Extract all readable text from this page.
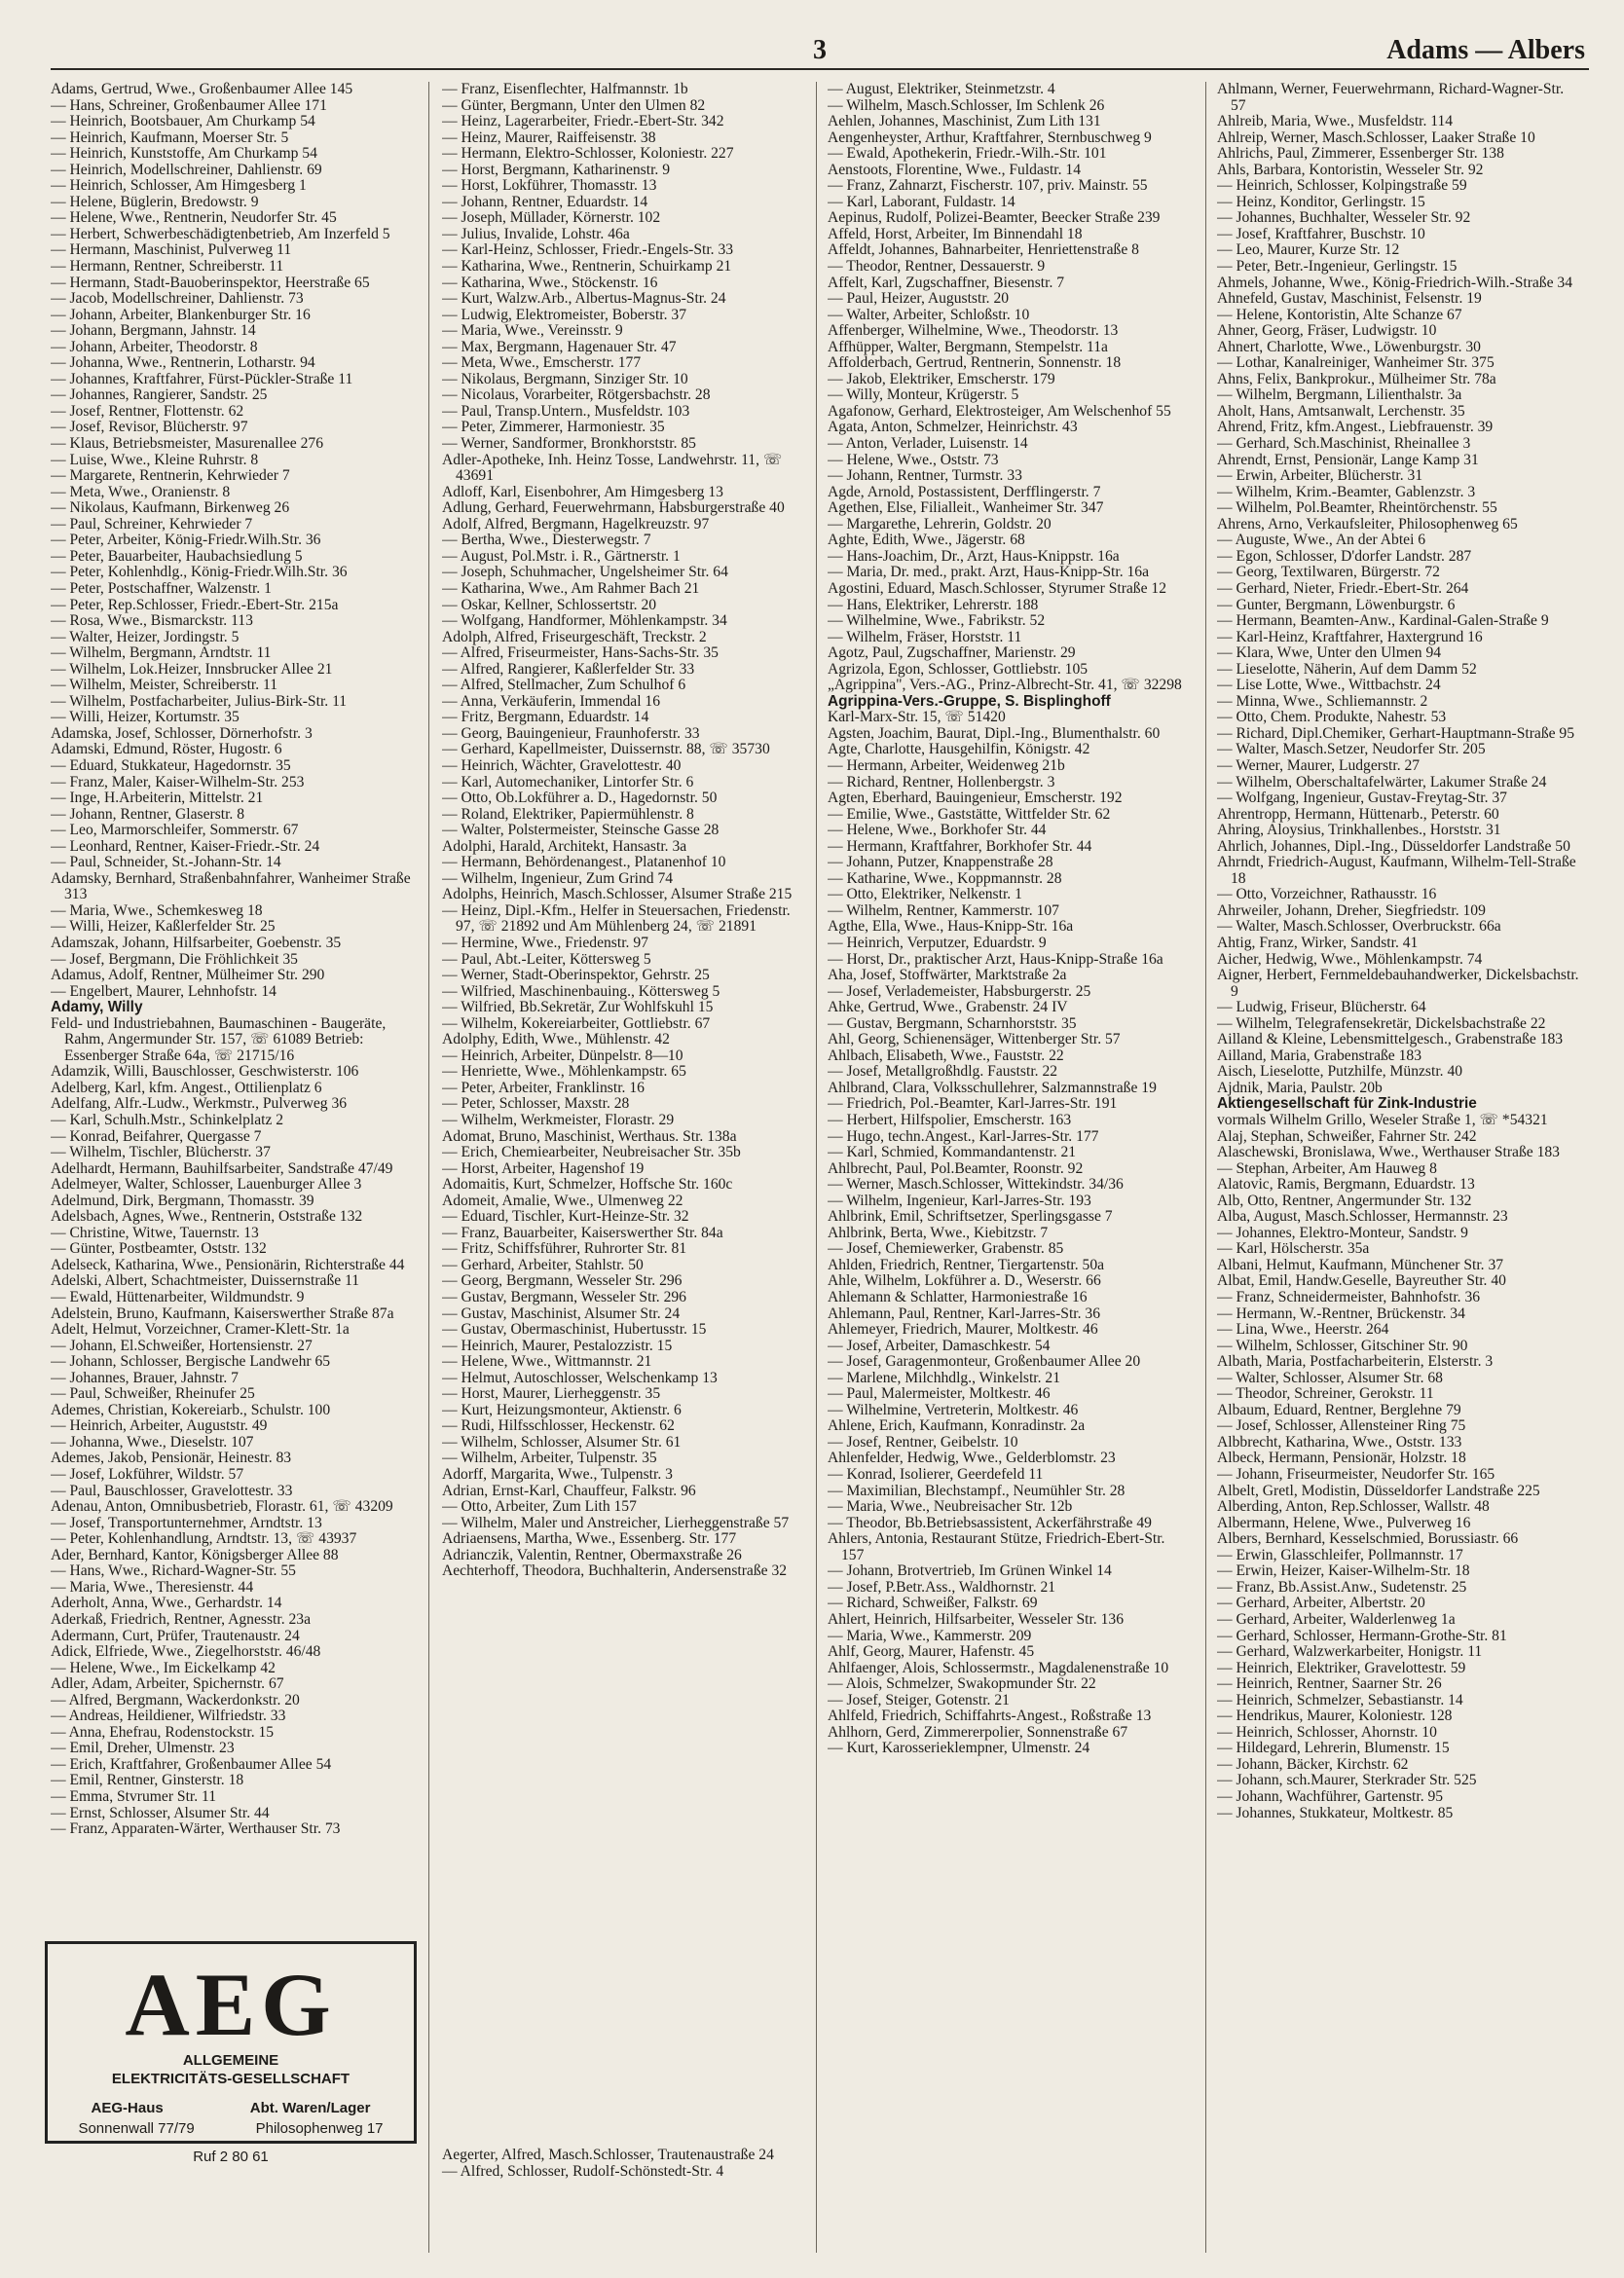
3	Adams — Albers
Adams, Gertrud, Wwe., Großenbaumer Allee 145
— Hans, Schreiner, Großenbaumer Allee 171
— Heinrich, Bootsbauer, Am Churkamp 54
— Heinrich, Kaufmann, Moerser Str. 5
— Heinrich, Kunststoffe, Am Churkamp 54
— Heinrich, Modellschreiner, Dahlienstr. 69
— Heinrich, Schlosser, Am Himgesberg 1
— Helene, Büglerin, Bredowstr. 9
— Helene, Wwe., Rentnerin, Neudorfer Str. 45
— Herbert, Schwerbeschädigtenbetrieb, Am Inzerfeld 5
— Hermann, Maschinist, Pulverweg 11
— Hermann, Rentner, Schreiberstr. 11
— Hermann, Stadt-Bauoberinspektor, Heerstraße 65
— Jacob, Modellschreiner, Dahlienstr. 73
— Johann, Arbeiter, Blankenburger Str. 16
— Johann, Bergmann, Jahnstr. 14
— Johann, Arbeiter, Theodorstr. 8
— Johanna, Wwe., Rentnerin, Lotharstr. 94
— Johannes, Kraftfahrer, Fürst-Pückler-Straße 11
— Johannes, Rangierer, Sandstr. 25
— Josef, Rentner, Flottenstr. 62
— Josef, Revisor, Blücherstr. 97
— Klaus, Betriebsmeister, Masurenallee 276
— Luise, Wwe., Kleine Ruhrstr. 8
— Margarete, Rentnerin, Kehrwieder 7
— Meta, Wwe., Oranienstr. 8
— Nikolaus, Kaufmann, Birkenweg 26
— Paul, Schreiner, Kehrwieder 7
— Peter, Arbeiter, König-Friedr.Wilh.Str. 36
— Peter, Bauarbeiter, Haubachsiedlung 5
— Peter, Kohlenhdlg., König-Friedr.Wilh.Str. 36
— Peter, Postschaffner, Walzenstr. 1
— Peter, Rep.Schlosser, Friedr.-Ebert-Str. 215a
— Rosa, Wwe., Bismarckstr. 113
— Walter, Heizer, Jordingstr. 5
— Wilhelm, Bergmann, Arndtstr. 11
— Wilhelm, Lok.Heizer, Innsbrucker Allee 21
— Wilhelm, Meister, Schreiberstr. 11
— Wilhelm, Postfacharbeiter, Julius-Birk-Str. 11
— Willi, Heizer, Kortumstr. 35
Adamska, Josef, Schlosser, Dörnerhofstr. 3
Adamski, Edmund, Röster, Hugostr. 6
— Eduard, Stukkateur, Hagedornstr. 35
— Franz, Maler, Kaiser-Wilhelm-Str. 253
— Inge, H.Arbeiterin, Mittelstr. 21
— Johann, Rentner, Glaserstr. 8
— Leo, Marmorschleifer, Sommerstr. 67
— Leonhard, Rentner, Kaiser-Friedr.-Str. 24
— Paul, Schneider, St.-Johann-Str. 14
Adamsky, Bernhard, Straßenbahnfahrer, Wanheimer Straße 313
— Maria, Wwe., Schemkesweg 18
— Willi, Heizer, Kaßlerfelder Str. 25
Adamszak, Johann, Hilfsarbeiter, Goebenstr. 35
— Josef, Bergmann, Die Fröhlichkeit 35
Adamus, Adolf, Rentner, Mülheimer Str. 290
— Engelbert, Maurer, Lehnhofstr. 14
Adamy, Willy
Feld- und Industriebahnen, Baumaschinen - Baugeräte, Rahm, Angermunder Str. 157, ☏ 61089 Betrieb: Essenberger Straße 64a, ☏ 21715/16
Adamzik, Willi, Bauschlosser, Geschwisterstr. 106
Adelberg, Karl, kfm. Angest., Ottilienplatz 6
Adelfang, Alfr.-Ludw., Werkmstr., Pulverweg 36
— Karl, Schulh.Mstr., Schinkelplatz 2
— Konrad, Beifahrer, Quergasse 7
— Wilhelm, Tischler, Blücherstr. 37
Adelhardt, Hermann, Bauhilfsarbeiter, Sandstraße 47/49
Adelmeyer, Walter, Schlosser, Lauenburger Allee 3
Adelmund, Dirk, Bergmann, Thomasstr. 39
Adelsbach, Agnes, Wwe., Rentnerin, Oststraße 132
— Christine, Witwe, Tauernstr. 13
— Günter, Postbeamter, Oststr. 132
Adelseck, Katharina, Wwe., Pensionärin, Richterstraße 44
Adelski, Albert, Schachtmeister, Duissernstraße 11
— Ewald, Hüttenarbeiter, Wildmundstr. 9
Adelstein, Bruno, Kaufmann, Kaiserswerther Straße 87a
Adelt, Helmut, Vorzeichner, Cramer-Klett-Str. 1a
— Johann, El.Schweißer, Hortensienstr. 27
— Johann, Schlosser, Bergische Landwehr 65
— Johannes, Brauer, Jahnstr. 7
— Paul, Schweißer, Rheinufer 25
Ademes, Christian, Kokereiarb., Schulstr. 100
— Heinrich, Arbeiter, Auguststr. 49
— Johanna, Wwe., Dieselstr. 107
Ademes, Jakob, Pensionär, Heinestr. 83
— Josef, Lokführer, Wildstr. 57
— Paul, Bauschlosser, Gravelottestr. 33
Adenau, Anton, Omnibusbetrieb, Florastr. 61, ☏ 43209
— Josef, Transportunternehmer, Arndtstr. 13
— Peter, Kohlenhandlung, Arndtstr. 13, ☏ 43937
Ader, Bernhard, Kantor, Königsberger Allee 88
— Hans, Wwe., Richard-Wagner-Str. 55
— Maria, Wwe., Theresienstr. 44
Aderholt, Anna, Wwe., Gerhardstr. 14
Aderkaß, Friedrich, Rentner, Agnesstr. 23a
Adermann, Curt, Prüfer, Trautenaustr. 24
Adick, Elfriede, Wwe., Ziegelhorststr. 46/48
— Helene, Wwe., Im Eickelkamp 42
Adler, Adam, Arbeiter, Spichernstr. 67
— Alfred, Bergmann, Wackerdonkstr. 20
— Andreas, Heildiener, Wilfriedstr. 33
— Anna, Ehefrau, Rodenstockstr. 15
— Emil, Dreher, Ulmenstr. 23
— Erich, Kraftfahrer, Großenbaumer Allee 54
— Emil, Rentner, Ginsterstr. 18
— Emma, Stvrumer Str. 11
— Ernst, Schlosser, Alsumer Str. 44
— Franz, Apparaten-Wärter, Werthauser Str. 73
— Franz, Eisenflechter, Halfmannstr. 1b
— Günter, Bergmann, Unter den Ulmen 82
— Heinz, Lagerarbeiter, Friedr.-Ebert-Str. 342
— Heinz, Maurer, Raiffeisenstr. 38
— Hermann, Elektro-Schlosser, Koloniestr. 227
— Horst, Bergmann, Katharinenstr. 9
— Horst, Lokführer, Thomasstr. 13
— Johann, Rentner, Eduardstr. 14
— Joseph, Müllader, Körnerstr. 102
— Julius, Invalide, Lohstr. 46a
— Karl-Heinz, Schlosser, Friedr.-Engels-Str. 33
— Katharina, Wwe., Rentnerin, Schuirkamp 21
— Katharina, Wwe., Stöckenstr. 16
— Kurt, Walzw.Arb., Albertus-Magnus-Str. 24
— Ludwig, Elektromeister, Boberstr. 37
— Maria, Wwe., Vereinsstr. 9
— Max, Bergmann, Hagenauer Str. 47
— Meta, Wwe., Emscherstr. 177
— Nikolaus, Bergmann, Sinziger Str. 10
— Nicolaus, Vorarbeiter, Rötgersbachstr. 28
— Paul, Transp.Untern., Musfeldstr. 103
— Peter, Zimmerer, Harmoniestr. 35
— Werner, Sandformer, Bronkhorststr. 85
Adler-Apotheke, Inh. Heinz Tosse, Landwehrstr. 11, ☏ 43691
Adloff, Karl, Eisenbohrer, Am Himgesberg 13
Adlung, Gerhard, Feuerwehrmann, Habsburgerstraße 40
Adolf, Alfred, Bergmann, Hagelkreuzstr. 97
— Bertha, Wwe., Diesterwegstr. 7
— August, Pol.Mstr. i. R., Gärtnerstr. 1
— Joseph, Schuhmacher, Ungelsheimer Str. 64
— Katharina, Wwe., Am Rahmer Bach 21
— Oskar, Kellner, Schlossertstr. 20
— Wolfgang, Handformer, Möhlenkampstr. 34
Adolph, Alfred, Friseurgeschäft, Treckstr. 2
— Alfred, Friseurmeister, Hans-Sachs-Str. 35
— Alfred, Rangierer, Kaßlerfelder Str. 33
— Alfred, Stellmacher, Zum Schulhof 6
— Anna, Verkäuferin, Immendal 16
— Fritz, Bergmann, Eduardstr. 14
— Georg, Bauingenieur, Fraunhoferstr. 33
— Gerhard, Kapellmeister, Duissernstr. 88, ☏ 35730
— Heinrich, Wächter, Gravelottestr. 40
— Karl, Automechaniker, Lintorfer Str. 6
— Otto, Ob.Lokführer a. D., Hagedornstr. 50
— Roland, Elektriker, Papiermühlenstr. 8
— Walter, Polstermeister, Steinsche Gasse 28
Adolphi, Harald, Architekt, Hansastr. 3a
— Hermann, Behördenangest., Platanenhof 10
— Wilhelm, Ingenieur, Zum Grind 74
Adolphs, Heinrich, Masch.Schlosser, Alsumer Straße 215
— Heinz, Dipl.-Kfm., Helfer in Steuersachen, Friedenstr. 97, ☏ 21892 und Am Mühlenberg 24, ☏ 21891
— Hermine, Wwe., Friedenstr. 97
— Paul, Abt.-Leiter, Köttersweg 5
— Werner, Stadt-Oberinspektor, Gehrstr. 25
— Wilfried, Maschinenbauing., Köttersweg 5
— Wilfried, Bb.Sekretär, Zur Wohlfskuhl 15
— Wilhelm, Kokereiarbeiter, Gottliebstr. 67
Adolphy, Edith, Wwe., Mühlenstr. 42
— Heinrich, Arbeiter, Dünpelstr. 8—10
— Henriette, Wwe., Möhlenkampstr. 65
— Peter, Arbeiter, Franklinstr. 16
— Peter, Schlosser, Maxstr. 28
— Wilhelm, Werkmeister, Florastr. 29
Adomat, Bruno, Maschinist, Werthaus. Str. 138a
— Erich, Chemiearbeiter, Neubreisacher Str. 35b
— Horst, Arbeiter, Hagenshof 19
Adomaitis, Kurt, Schmelzer, Hoffsche Str. 160c
Adomeit, Amalie, Wwe., Ulmenweg 22
— Eduard, Tischler, Kurt-Heinze-Str. 32
— Franz, Bauarbeiter, Kaiserswerther Str. 84a
— Fritz, Schiffsführer, Ruhrorter Str. 81
— Gerhard, Arbeiter, Stahlstr. 50
— Georg, Bergmann, Wesseler Str. 296
— Gustav, Bergmann, Wesseler Str. 296
— Gustav, Maschinist, Alsumer Str. 24
— Gustav, Obermaschinist, Hubertusstr. 15
— Heinrich, Maurer, Pestalozzistr. 15
— Helene, Wwe., Wittmannstr. 21
— Helmut, Autoschlosser, Welschenkamp 13
— Horst, Maurer, Lierheggenstr. 35
— Kurt, Heizungsmonteur, Aktienstr. 6
— Rudi, Hilfsschlosser, Heckenstr. 62
— Wilhelm, Schlosser, Alsumer Str. 61
— Wilhelm, Arbeiter, Tulpenstr. 35
Adorff, Margarita, Wwe., Tulpenstr. 3
Adrian, Ernst-Karl, Chauffeur, Falkstr. 96
— Otto, Arbeiter, Zum Lith 157
— Wilhelm, Maler und Anstreicher, Lierheggenstraße 57
Adriaensens, Martha, Wwe., Essenberg. Str. 177
Adrianczik, Valentin, Rentner, Obermaxstraße 26
Aechterhoff, Theodora, Buchhalterin, Andersenstraße 32
— August, Elektriker, Steinmetzstr. 4
— Wilhelm, Masch.Schlosser, Im Schlenk 26
Aehlen, Johannes, Maschinist, Zum Lith 131
Aengenheyster, Arthur, Kraftfahrer, Sternbuschweg 9
— Ewald, Apothekerin, Friedr.-Wilh.-Str. 101
Aenstoots, Florentine, Wwe., Fuldastr. 14
— Franz, Zahnarzt, Fischerstr. 107, priv. Mainstr. 55
— Karl, Laborant, Fuldastr. 14
Aepinus, Rudolf, Polizei-Beamter, Beecker Straße 239
Affeld, Horst, Arbeiter, Im Binnendahl 18
Affeldt, Johannes, Bahnarbeiter, Henriettenstraße 8
— Theodor, Rentner, Dessauerstr. 9
Affelt, Karl, Zugschaffner, Biesenstr. 7
— Paul, Heizer, Auguststr. 20
— Walter, Arbeiter, Schloßstr. 10
Affenberger, Wilhelmine, Wwe., Theodorstr. 13
Affhüpper, Walter, Bergmann, Stempelstr. 11a
Affolderbach, Gertrud, Rentnerin, Sonnenstr. 18
— Jakob, Elektriker, Emscherstr. 179
— Willy, Monteur, Krügerstr. 5
Agafonow, Gerhard, Elektrosteiger, Am Welschenhof 55
Agata, Anton, Schmelzer, Heinrichstr. 43
— Anton, Verlader, Luisenstr. 14
— Helene, Wwe., Oststr. 73
— Johann, Rentner, Turmstr. 33
Agde, Arnold, Postassistent, Derfflingerstr. 7
Agethen, Else, Filialleit., Wanheimer Str. 347
— Margarethe, Lehrerin, Goldstr. 20
Aghte, Edith, Wwe., Jägerstr. 68
— Hans-Joachim, Dr., Arzt, Haus-Knippstr. 16a
— Maria, Dr. med., prakt. Arzt, Haus-Knipp-Str. 16a
Agostini, Eduard, Masch.Schlosser, Styrumer Straße 12
— Hans, Elektriker, Lehrerstr. 188
— Wilhelmine, Wwe., Fabrikstr. 52
— Wilhelm, Fräser, Horststr. 11
Agotz, Paul, Zugschaffner, Marienstr. 29
Agrizola, Egon, Schlosser, Gottliebstr. 105
„Agrippina", Vers.-AG., Prinz-Albrecht-Str. 41, ☏ 32298
Agrippina-Vers.-Gruppe, S. Bisplinghoff
Karl-Marx-Str. 15, ☏ 51420
Agsten, Joachim, Baurat, Dipl.-Ing., Blumenthalstr. 60
Agte, Charlotte, Hausgehilfin, Königstr. 42
— Hermann, Arbeiter, Weidenweg 21b
— Richard, Rentner, Hollenbergstr. 3
Agten, Eberhard, Bauingenieur, Emscherstr. 192
— Emilie, Wwe., Gaststätte, Wittfelder Str. 62
— Helene, Wwe., Borkhofer Str. 44
— Hermann, Kraftfahrer, Borkhofer Str. 44
— Johann, Putzer, Knappenstraße 28
— Katharine, Wwe., Koppmannstr. 28
— Otto, Elektriker, Nelkenstr. 1
— Wilhelm, Rentner, Kammerstr. 107
Agthe, Ella, Wwe., Haus-Knipp-Str. 16a
— Heinrich, Verputzer, Eduardstr. 9
— Horst, Dr., praktischer Arzt, Haus-Knipp-Straße 16a
Aha, Josef, Stoffwärter, Marktstraße 2a
— Josef, Verlademeister, Habsburgerstr. 25
Ahke, Gertrud, Wwe., Grabenstr. 24 IV
— Gustav, Bergmann, Scharnhorststr. 35
Ahl, Georg, Schienensäger, Wittenberger Str. 57
Ahlbach, Elisabeth, Wwe., Fauststr. 22
— Josef, Metallgroßhdlg. Fauststr. 22
Ahlbrand, Clara, Volksschullehrer, Salzmannstraße 19
— Friedrich, Pol.-Beamter, Karl-Jarres-Str. 191
— Herbert, Hilfspolier, Emscherstr. 163
— Hugo, techn.Angest., Karl-Jarres-Str. 177
— Karl, Schmied, Kommandantenstr. 21
Ahlbrecht, Paul, Pol.Beamter, Roonstr. 92
— Werner, Masch.Schlosser, Wittekindstr. 34/36
— Wilhelm, Ingenieur, Karl-Jarres-Str. 193
Ahlbrink, Emil, Schriftsetzer, Sperlingsgasse 7
Ahlbrink, Berta, Wwe., Kiebitzstr. 7
— Josef, Chemiewerker, Grabenstr. 85
Ahlden, Friedrich, Rentner, Tiergartenstr. 50a
Ahle, Wilhelm, Lokführer a. D., Weserstr. 66
Ahlemann & Schlatter, Harmoniestraße 16
Ahlemann, Paul, Rentner, Karl-Jarres-Str. 36
Ahlemeyer, Friedrich, Maurer, Moltkestr. 46
— Josef, Arbeiter, Damaschkestr. 54
— Josef, Garagenmonteur, Großenbaumer Allee 20
— Marlene, Milchhdlg., Winkelstr. 21
— Paul, Malermeister, Moltkestr. 46
— Wilhelmine, Vertreterin, Moltkestr. 46
Ahlene, Erich, Kaufmann, Konradinstr. 2a
— Josef, Rentner, Geibelstr. 10
Ahlenfelder, Hedwig, Wwe., Gelderblomstr. 23
— Konrad, Isolierer, Geerdefeld 11
— Maximilian, Blechstampf., Neumühler Str. 28
— Maria, Wwe., Neubreisacher Str. 12b
— Theodor, Bb.Betriebsassistent, Ackerfährstraße 49
Ahlers, Antonia, Restaurant Stütze, Friedrich-Ebert-Str. 157
— Johann, Brotvertrieb, Im Grünen Winkel 14
— Josef, P.Betr.Ass., Waldhornstr. 21
— Richard, Schweißer, Falkstr. 69
Ahlert, Heinrich, Hilfsarbeiter, Wesseler Str. 136
— Maria, Wwe., Kammerstr. 209
Ahlf, Georg, Maurer, Hafenstr. 45
Ahlfaenger, Alois, Schlossermstr., Magdalenenstraße 10
— Alois, Schmelzer, Swakopmunder Str. 22
— Josef, Steiger, Gotenstr. 21
Ahlfeld, Friedrich, Schiffahrts-Angest., Roßstraße 13
Ahlhorn, Gerd, Zimmererpolier, Sonnenstraße 67
— Kurt, Karosserieklempner, Ulmenstr. 24
Ahlmann, Werner, Feuerwehrmann, Richard-Wagner-Str. 57
Ahlreib, Maria, Wwe., Musfeldstr. 114
Ahlreip, Werner, Masch.Schlosser, Laaker Straße 10
Ahlrichs, Paul, Zimmerer, Essenberger Str. 138
Ahls, Barbara, Kontoristin, Wesseler Str. 92
— Heinrich, Schlosser, Kolpingstraße 59
— Heinz, Konditor, Gerlingstr. 15
— Johannes, Buchhalter, Wesseler Str. 92
— Josef, Kraftfahrer, Buschstr. 10
— Leo, Maurer, Kurze Str. 12
— Peter, Betr.-Ingenieur, Gerlingstr. 15
Ahmels, Johanne, Wwe., König-Friedrich-Wilh.-Straße 34
Ahnefeld, Gustav, Maschinist, Felsenstr. 19
— Helene, Kontoristin, Alte Schanze 67
Ahner, Georg, Fräser, Ludwigstr. 10
Ahnert, Charlotte, Wwe., Löwenburgstr. 30
— Lothar, Kanalreiniger, Wanheimer Str. 375
Ahns, Felix, Bankprokur., Mülheimer Str. 78a
— Wilhelm, Bergmann, Lilienthalstr. 3a
Aholt, Hans, Amtsanwalt, Lerchenstr. 35
Ahrend, Fritz, kfm.Angest., Liebfrauenstr. 39
— Gerhard, Sch.Maschinist, Rheinallee 3
Ahrendt, Ernst, Pensionär, Lange Kamp 31
— Erwin, Arbeiter, Blücherstr. 31
— Wilhelm, Krim.-Beamter, Gablenzstr. 3
— Wilhelm, Pol.Beamter, Rheintörchenstr. 55
Ahrens, Arno, Verkaufsleiter, Philosophenweg 65
— Auguste, Wwe., An der Abtei 6
— Egon, Schlosser, D'dorfer Landstr. 287
— Georg, Textilwaren, Bürgerstr. 72
— Gerhard, Nieter, Friedr.-Ebert-Str. 264
— Gunter, Bergmann, Löwenburgstr. 6
— Hermann, Beamten-Anw., Kardinal-Galen-Straße 9
— Karl-Heinz, Kraftfahrer, Haxtergrund 16
— Klara, Wwe, Unter den Ulmen 94
— Lieselotte, Näherin, Auf dem Damm 52
— Lise Lotte, Wwe., Wittbachstr. 24
— Minna, Wwe., Schliemannstr. 2
— Otto, Chem. Produkte, Nahestr. 53
— Richard, Dipl.Chemiker, Gerhart-Hauptmann-Straße 95
— Walter, Masch.Setzer, Neudorfer Str. 205
— Werner, Maurer, Ludgerstr. 27
— Wilhelm, Oberschaltafelwärter, Lakumer Straße 24
— Wolfgang, Ingenieur, Gustav-Freytag-Str. 37
Ahrentropp, Hermann, Hüttenarb., Peterstr. 60
Ahring, Aloysius, Trinkhallenbes., Horststr. 31
Ahrlich, Johannes, Dipl.-Ing., Düsseldorfer Landstraße 50
Ahrndt, Friedrich-August, Kaufmann, Wilhelm-Tell-Straße 18
— Otto, Vorzeichner, Rathausstr. 16
Ahrweiler, Johann, Dreher, Siegfriedstr. 109
— Walter, Masch.Schlosser, Overbruckstr. 66a
Ahtig, Franz, Wirker, Sandstr. 41
Aicher, Hedwig, Wwe., Möhlenkampstr. 74
Aigner, Herbert, Fernmeldebauhandwerker, Dickelsbachstr. 9
— Ludwig, Friseur, Blücherstr. 64
— Wilhelm, Telegrafensekretär, Dickelsbachstraße 22
Ailland & Kleine, Lebensmittelgesch., Grabenstraße 183
Ailland, Maria, Grabenstraße 183
Aisch, Lieselotte, Putzhilfe, Münzstr. 40
Ajdnik, Maria, Paulstr. 20b
Aktiengesellschaft für Zink-Industrie
vormals Wilhelm Grillo, Weseler Straße 1, ☏ *54321
Alaj, Stephan, Schweißer, Fahrner Str. 242
Alaschewski, Bronislawa, Wwe., Werthauser Straße 183
— Stephan, Arbeiter, Am Hauweg 8
Alatovic, Ramis, Bergmann, Eduardstr. 13
Alb, Otto, Rentner, Angermunder Str. 132
Alba, August, Masch.Schlosser, Hermannstr. 23
— Johannes, Elektro-Monteur, Sandstr. 9
— Karl, Hölscherstr. 35a
Albani, Helmut, Kaufmann, Münchener Str. 37
Albat, Emil, Handw.Geselle, Bayreuther Str. 40
— Franz, Schneidermeister, Bahnhofstr. 36
— Hermann, W.-Rentner, Brückenstr. 34
— Lina, Wwe., Heerstr. 264
— Wilhelm, Schlosser, Gitschiner Str. 90
Albath, Maria, Postfacharbeiterin, Elsterstr. 3
— Walter, Schlosser, Alsumer Str. 68
— Theodor, Schreiner, Gerokstr. 11
Albaum, Eduard, Rentner, Berglehne 79
— Josef, Schlosser, Allensteiner Ring 75
Albbrecht, Katharina, Wwe., Oststr. 133
Albeck, Hermann, Pensionär, Holzstr. 18
— Johann, Friseurmeister, Neudorfer Str. 165
Albelt, Gretl, Modistin, Düsseldorfer Landstraße 225
Alberding, Anton, Rep.Schlosser, Wallstr. 48
Albermann, Helene, Wwe., Pulverweg 16
Albers, Bernhard, Kesselschmied, Borussiastr. 66
— Erwin, Glasschleifer, Pollmannstr. 17
— Erwin, Heizer, Kaiser-Wilhelm-Str. 18
— Franz, Bb.Assist.Anw., Sudetenstr. 25
— Gerhard, Arbeiter, Albertstr. 20
— Gerhard, Arbeiter, Walderlenweg 1a
— Gerhard, Schlosser, Hermann-Grothe-Str. 81
— Gerhard, Walzwerkarbeiter, Honigstr. 11
— Heinrich, Elektriker, Gravelottestr. 59
— Heinrich, Rentner, Saarner Str. 26
— Heinrich, Schmelzer, Sebastianstr. 14
— Hendrikus, Maurer, Koloniestr. 128
— Heinrich, Schlosser, Ahornstr. 10
— Hildegard, Lehrerin, Blumenstr. 15
— Johann, Bäcker, Kirchstr. 62
— Johann, sch.Maurer, Sterkrader Str. 525
— Johann, Wachführer, Gartenstr. 95
— Johannes, Stukkateur, Moltkestr. 85
AEG
ALLGEMEINE
ELEKTRICITÄTS-GESELLSCHAFT
AEG-Haus	Abt. Waren/Lager
Sonnenwall 77/79	Philosophenweg 17
Ruf 2 80 61	Aegerter, Alfred, Masch.Schlosser, Trautenaustraße 24
— Alfred, Schlosser, Rudolf-Schönstedt-Str. 4
